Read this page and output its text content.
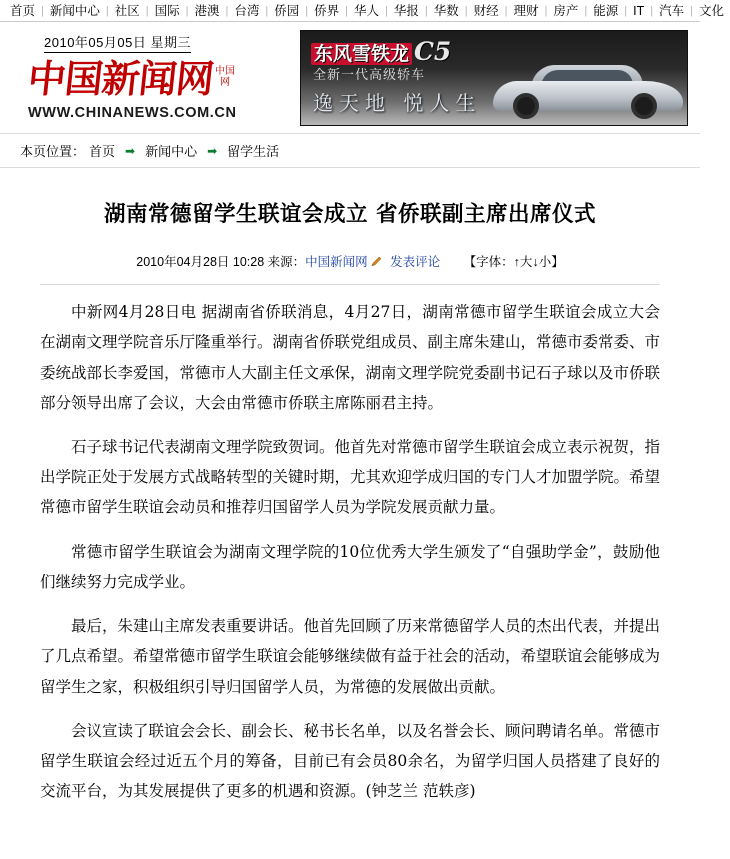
首页 | 新闻中心 | 社区 | 国际 | 港澳 | 台湾 | 侨园 | 侨界 | 华人 | 华报 | 华数 | 财经 | 理财 | 房产 | 能源 | IT | 汽车 | 文化
2010年05月05日 星期三
中国新闻网中国
网
WWW.CHINANEWS.COM.CN
东风雪铁龙 C5
全新一代高级轿车
逸天地 悦人生
本页位置： 首页 ➡ 新闻中心 ➡ 留学生活
湖南常德留学生联谊会成立 省侨联副主席出席仪式
2010年04月28日 10:28 来源：中国新闻网 发表评论 【字体：↑大↓小】

中新网4月28日电 据湖南省侨联消息，4月27日，湖南常德市留学生联谊会成立大会在湖南文理学院音乐厅隆重举行。湖南省侨联党组成员、副主席朱建山，常德市委常委、市委统战部长李爱国，常德市人大副主任文承保，湖南文理学院党委副书记石子球以及市侨联部分领导出席了会议，大会由常德市侨联主席陈丽君主持。

石子球书记代表湖南文理学院致贺词。他首先对常德市留学生联谊会成立表示祝贺，指出学院正处于发展方式战略转型的关键时期，尤其欢迎学成归国的专门人才加盟学院。希望常德市留学生联谊会动员和推荐归国留学人员为学院发展贡献力量。

常德市留学生联谊会为湖南文理学院的10位优秀大学生颁发了“自强助学金”，鼓励他们继续努力完成学业。

最后，朱建山主席发表重要讲话。他首先回顾了历来常德留学人员的杰出代表，并提出了几点希望。希望常德市留学生联谊会能够继续做有益于社会的活动，希望联谊会能够成为留学生之家，积极组织引导归国留学人员，为常德的发展做出贡献。

会议宣读了联谊会会长、副会长、秘书长名单，以及名誉会长、顾问聘请名单。常德市留学生联谊会经过近五个月的筹备，目前已有会员80余名，为留学归国人员搭建了良好的交流平台，为其发展提供了更多的机遇和资源。(钟芝兰 范轶彦)
